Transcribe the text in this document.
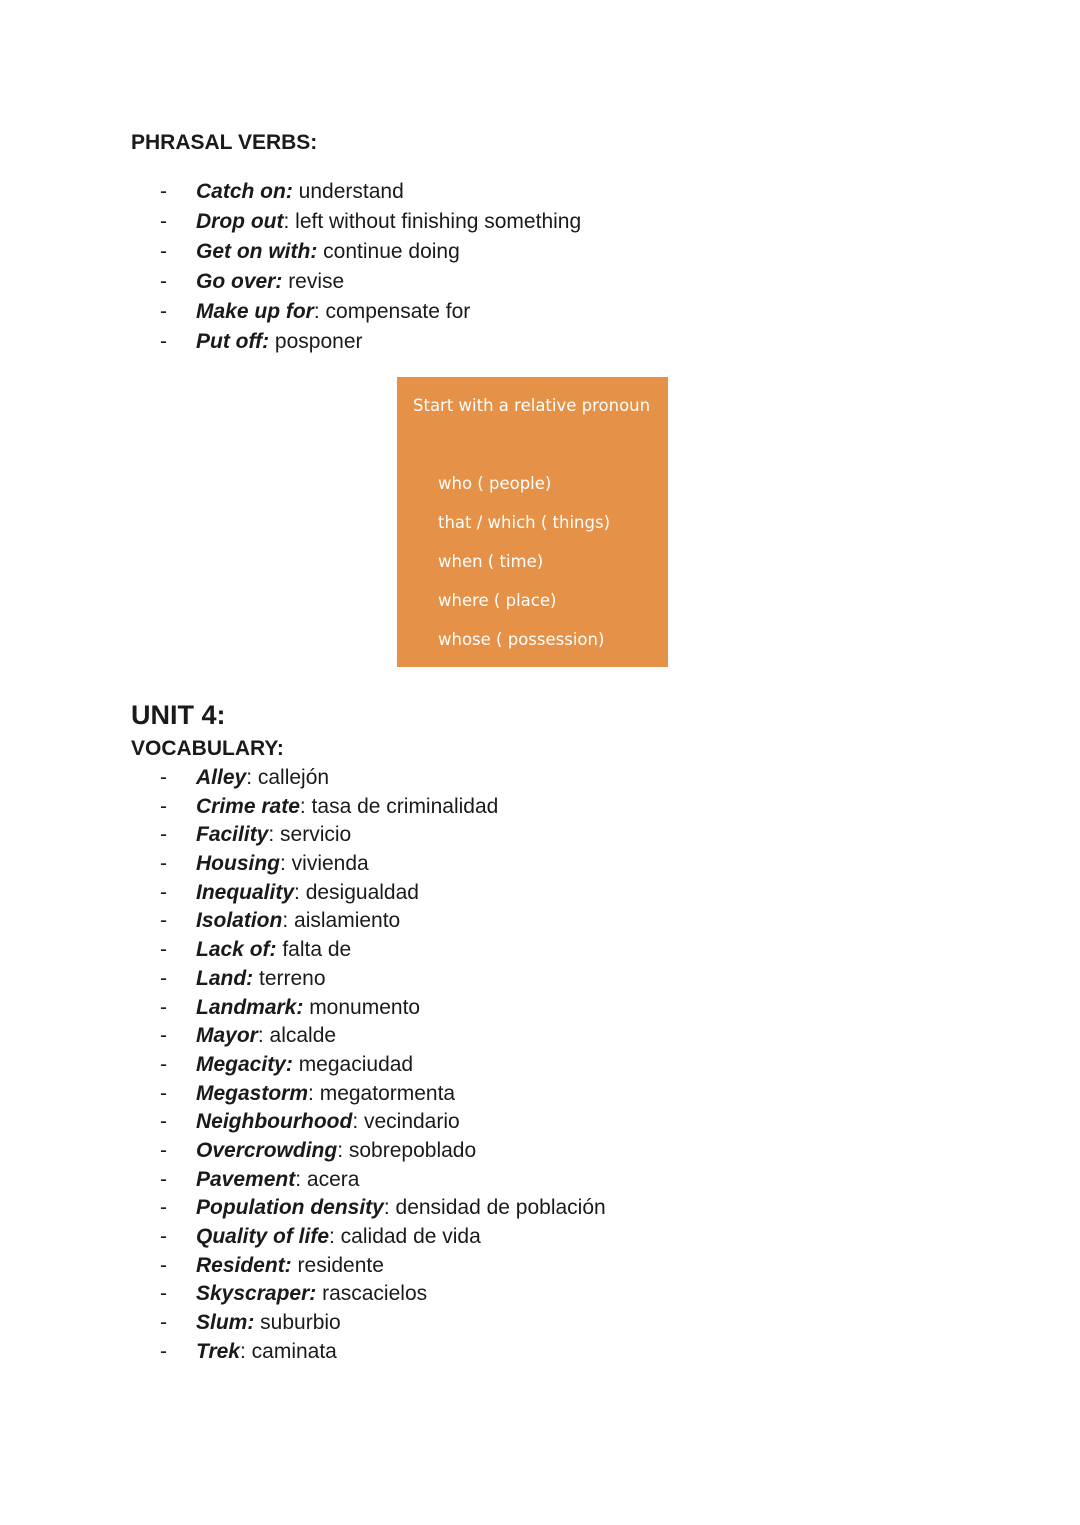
PHRASAL VERBS:
- Catch on: understand
- Drop out: left without finishing something
- Get on with: continue doing
- Go over: revise
- Make up for: compensate for
- Put off: posponer
Start with a relative pronoun
who ( people)
that / which ( things)
when ( time)
where ( place)
whose ( possession)
UNIT 4:
VOCABULARY:
- Alley: callejón
- Crime rate: tasa de criminalidad
- Facility: servicio
- Housing: vivienda
- Inequality: desigualdad
- Isolation: aislamiento
- Lack of: falta de
- Land: terreno
- Landmark: monumento
- Mayor: alcalde
- Megacity: megaciudad
- Megastorm: megatormenta
- Neighbourhood: vecindario
- Overcrowding: sobrepoblado
- Pavement: acera
- Population density: densidad de población
- Quality of life: calidad de vida
- Resident: residente
- Skyscraper: rascacielos
- Slum: suburbio
- Trek: caminata
